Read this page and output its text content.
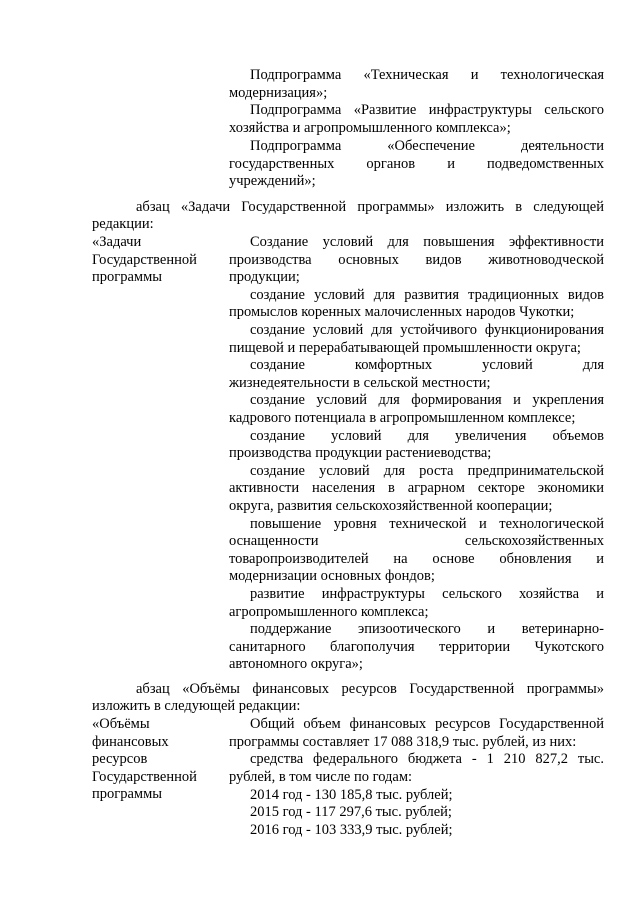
Подпрограмма «Техническая и технологическая
модернизация»;
Подпрограмма «Развитие инфраструктуры сельского
хозяйства и агропромышленного комплекса»;
Подпрограмма «Обеспечение деятельности
государственных органов и подведомственных
учреждений»;
абзац «Задачи Государственной программы» изложить в следующей
редакции:
«Задачи
Государственной
программы
Создание условий для повышения эффективности
производства основных видов животноводческой
продукции;
создание условий для развития традиционных видов
промыслов коренных малочисленных народов Чукотки;
создание условий для устойчивого функционирования
пищевой и перерабатывающей промышленности округа;
создание комфортных условий для
жизнедеятельности в сельской местности;
создание условий для формирования и укрепления
кадрового потенциала в агропромышленном комплексе;
создание условий для увеличения объемов
производства продукции растениеводства;
создание условий для роста предпринимательской
активности населения в аграрном секторе экономики
округа, развития сельскохозяйственной кооперации;
повышение уровня технической и технологической
оснащенности сельскохозяйственных
товаропроизводителей на основе обновления и
модернизации основных фондов;
развитие инфраструктуры сельского хозяйства и
агропромышленного комплекса;
поддержание эпизоотического и ветеринарно-
санитарного благополучия территории Чукотского
автономного округа»;
абзац «Объёмы финансовых ресурсов Государственной программы»
изложить в следующей редакции:
«Объёмы
финансовых
ресурсов
Государственной
программы
Общий объем финансовых ресурсов Государственной
программы составляет 17 088 318,9 тыс. рублей, из них:
средства федерального бюджета - 1 210 827,2 тыс.
рублей, в том числе по годам:
2014 год - 130 185,8 тыс. рублей;
2015 год - 117 297,6 тыс. рублей;
2016 год - 103 333,9 тыс. рублей;
